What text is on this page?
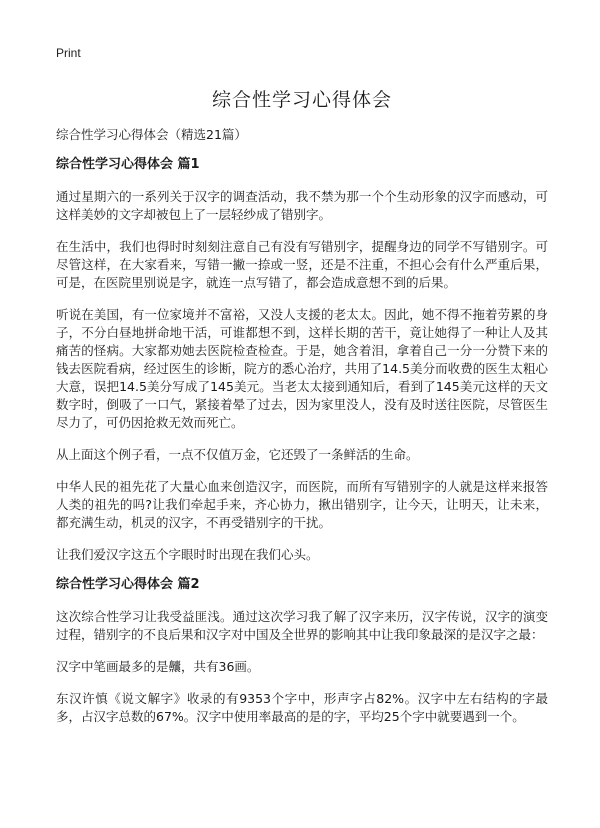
Print
综合性学习心得体会

综合性学习心得体会（精选21篇）

综合性学习心得体会 篇1

通过星期六的一系列关于汉字的调查活动，我不禁为那一个个生动形象的汉字而感动，可这样美妙的文字却被包上了一层轻纱成了错别字。

在生活中，我们也得时时刻刻注意自己有没有写错别字，提醒身边的同学不写错别字。可尽管这样，在大家看来，写错一撇一捺或一竖，还是不注重，不担心会有什么严重后果，可是，在医院里别说是字，就连一点写错了，都会造成意想不到的后果。

听说在美国，有一位家境并不富裕，又没人支援的老太太。因此，她不得不拖着劳累的身子，不分白昼地拼命地干活，可谁都想不到，这样长期的苦干，竟让她得了一种让人及其痛苦的怪病。大家都劝她去医院检查检查。于是，她含着泪，拿着自己一分一分赞下来的钱去医院看病，经过医生的诊断，院方的悉心治疗，共用了14.5美分而收费的医生太粗心大意，误把14.5美分写成了145美元。当老太太接到通知后，看到了145美元这样的天文数字时，倒吸了一口气，紧接着晕了过去，因为家里没人，没有及时送往医院，尽管医生尽力了，可仍因抢救无效而死亡。

从上面这个例子看，一点不仅值万金，它还毁了一条鲜活的生命。

中华人民的祖先花了大量心血来创造汉字，而医院，而所有写错别字的人就是这样来报答人类的祖先的吗?让我们牵起手来，齐心协力，揪出错别字，让今天，让明天，让未来，都充满生动，机灵的汉字，不再受错别字的干扰。

让我们爱汉字这五个字眼时时出现在我们心头。

综合性学习心得体会 篇2

这次综合性学习让我受益匪浅。通过这次学习我了解了汉字来历，汉字传说，汉字的演变过程，错别字的不良后果和汉字对中国及全世界的影响其中让我印象最深的是汉字之最：

汉字中笔画最多的是齉，共有36画。

东汉许慎《说文解字》收录的有9353个字中，形声字占82%。汉字中左右结构的字最多，占汉字总数的67%。汉字中使用率最高的是的字，平均25个字中就要遇到一个。
